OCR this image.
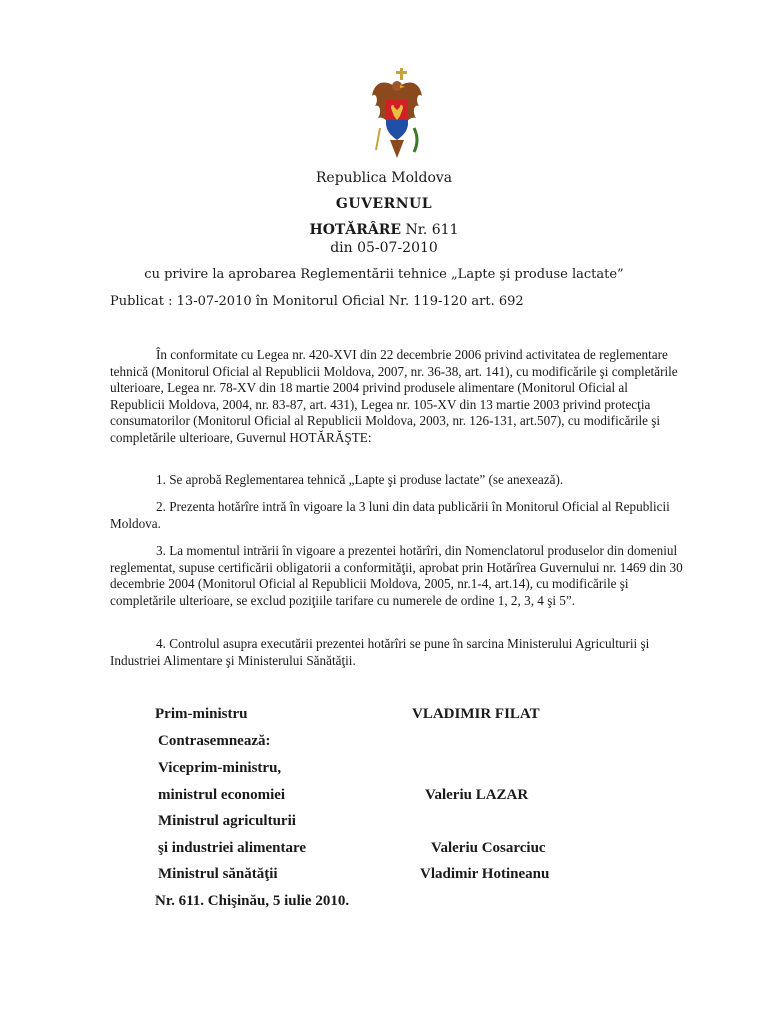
Republica Moldova
GUVERNUL
HOTĂRÂRE Nr. 611
din 05-07-2010
cu privire la aprobarea Reglementării tehnice „Lapte şi produse lactate”
Publicat : 13-07-2010 în Monitorul Oficial Nr. 119-120 art. 692
În conformitate cu Legea nr. 420-XVI din 22 decembrie 2006 privind activitatea de reglementare tehnică (Monitorul Oficial al Republicii Moldova, 2007, nr. 36-38, art. 141), cu modificările şi completările ulterioare, Legea nr. 78-XV din 18 martie 2004 privind produsele alimentare (Monitorul Oficial al Republicii Moldova, 2004, nr. 83-87, art. 431), Legea nr. 105-XV din 13 martie 2003 privind protecţia consumatorilor (Monitorul Oficial al Republicii Moldova, 2003, nr. 126-131, art.507), cu modificările şi completările ulterioare, Guvernul HOTĂRĂŞTE:
1. Se aprobă Reglementarea tehnică „Lapte şi produse lactate” (se anexează).
2. Prezenta hotărîre intră în vigoare la 3 luni din data publicării în Monitorul Oficial al Republicii Moldova.
3. La momentul intrării în vigoare a prezentei hotărîri, din Nomenclatorul produselor din domeniul reglementat, supuse certificării obligatorii a conformităţii, aprobat prin Hotărîrea Guvernului nr. 1469 din 30 decembrie 2004 (Monitorul Oficial al Republicii Moldova, 2005, nr.1-4, art.14), cu modificările şi completările ulterioare, se exclud poziţiile tarifare cu numerele de ordine 1, 2, 3, 4 şi 5”.
4. Controlul asupra executării prezentei hotărîri se pune în sarcina Ministerului Agriculturii şi Industriei Alimentare şi Ministerului Sănătăţii.
Prim-ministru	VLADIMIR FILAT
Contrasemnează:
Viceprim-ministru,
ministrul economiei	Valeriu LAZAR
Ministrul agriculturii
şi industriei alimentare	Valeriu Cosarciuc
Ministrul sănătăţii	Vladimir Hotineanu
Nr. 611. Chişinău, 5 iulie 2010.
